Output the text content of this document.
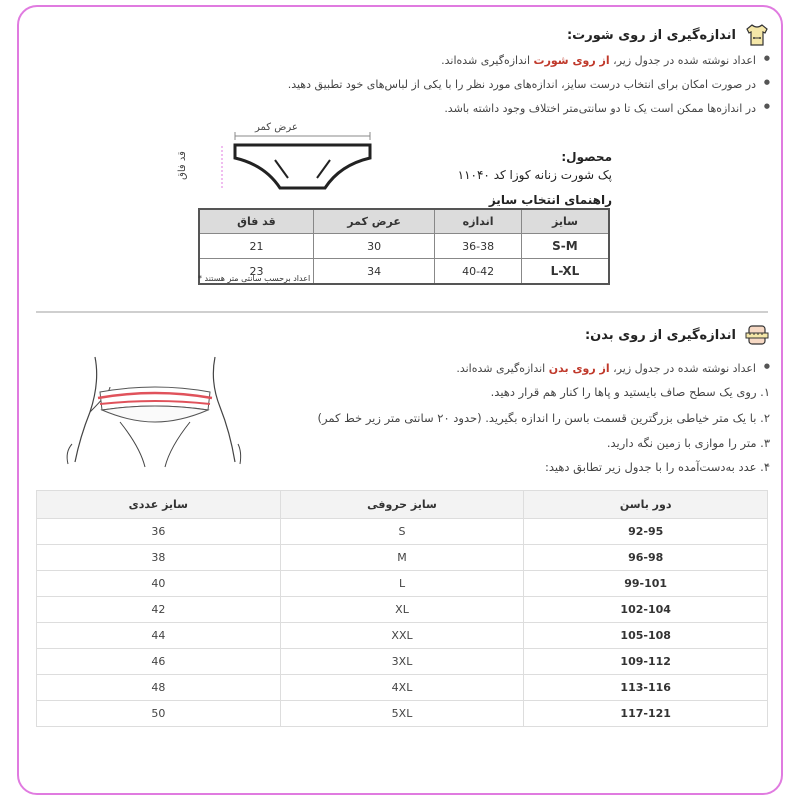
اندازه‌گیری از روی شورت:
● اعداد نوشته شده در جدول زیر، از روی شورت اندازه‌گیری شده‌اند.
● در صورت امکان برای انتخاب درست سایز، اندازه‌های مورد نظر را با یکی از لباس‌های خود تطبیق دهید.
● در اندازه‌ها ممکن است یک تا دو سانتی‌متر اختلاف وجود داشته باشد.
عرض کمر
قد فاق	محصول:
پک شورت زنانه کوزا کد ۱۱۰۴۰
راهنمای انتخاب سایز
سایز	اندازه	عرض کمر	قد فاق
S-M	36-38	30	21
L-XL	40-42	34	23
اعداد برحسب سانتی متر هستند *
اندازه‌گیری از روی بدن:
● اعداد نوشته شده در جدول زیر، از روی بدن اندازه‌گیری شده‌اند.
۱. روی یک سطح صاف بایستید و پاها را کنار هم قرار دهید.
۲. با یک متر خیاطی بزرگترین قسمت باسن را اندازه بگیرید. (حدود ۲۰ سانتی متر زیر خط کمر)
۳. متر را موازی با زمین نگه دارید.
۴. عدد به‌دست‌آمده را با جدول زیر تطابق دهید:
دور باسن	سایز حروفی	سایز عددی
92-95	S	36
96-98	M	38
99-101	L	40
102-104	XL	42
105-108	XXL	44
109-112	3XL	46
113-116	4XL	48
117-121	5XL	50
